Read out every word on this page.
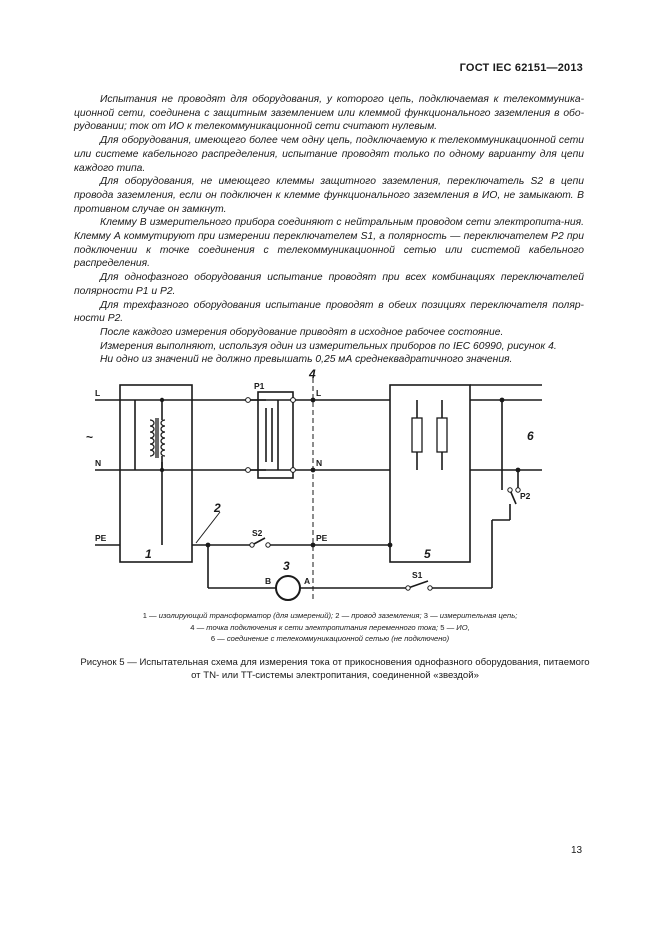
ГОСТ IEC 62151—2013

Испытания не проводят для оборудования, у которого цепь, подключаемая к телекоммуника-ционной сети, соединена с защитным заземлением или клеммой функционального заземления в обо-рудовании; ток от ИО к телекоммуникационной сети считают нулевым.

Для оборудования, имеющего более чем одну цепь, подключаемую к телекоммуникационной сети или системе кабельного распределения, испытание проводят только по одному варианту для цепи каждого типа.

Для оборудования, не имеющего клеммы защитного заземления, переключатель S2 в цепи провода заземления, если он подключен к клемме функционального заземления в ИО, не замыкают. В противном случае он замкнут.

Клемму В измерительного прибора соединяют с нейтральным проводом сети электропита-ния. Клемму А коммутируют при измерении переключателем S1, а полярность — переключателем Р2 при подключении к точке соединения с телекоммуникационной сетью или системой кабельного распределения.

Для однофазного оборудования испытание проводят при всех комбинациях переключателей полярности Р1 и Р2.

Для трехфазного оборудования испытание проводят в обеих позициях переключателя поляр-ности Р2.

После каждого измерения оборудование приводят в исходное рабочее состояние.

Измерения выполняют, используя один из измерительных приборов по IEC 60990, рисунок 4.

Ни одно из значений не должно превышать 0,25 мА среднеквадратичного значения.

L
N
PE
P1
P2
L
N
PE
S2
S1
B	A
~
4
1
2
3
5
6
1 — изолирующий трансформатор (для измерений); 2 — провод заземления; 3 — измерительная цепь;
4 — точка подключения к сети электропитания переменного тока; 5 — ИО,
6 — соединение с телекоммуникационной сетью (не подключено)
Рисунок 5 — Испытательная схема для измерения тока от прикосновения однофазного оборудования, питаемого
от TN- или TT-системы электропитания, соединенной «звездой»
13
